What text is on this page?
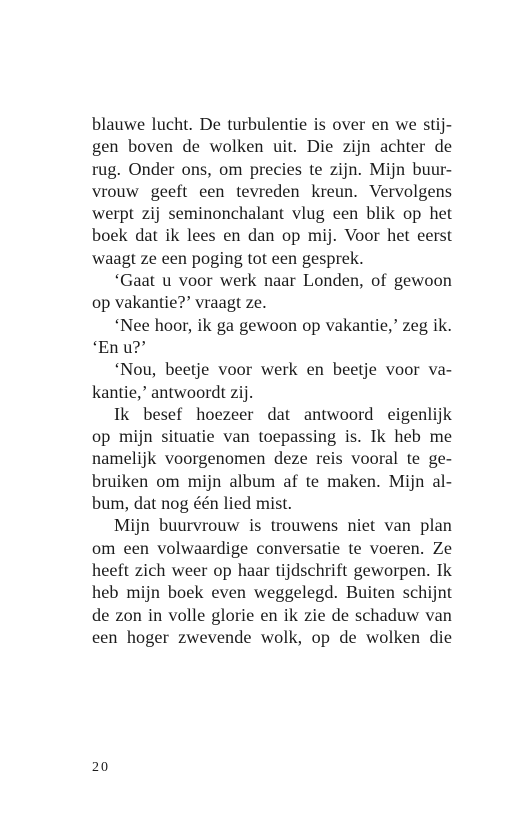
blauwe lucht. De turbulentie is over en we stij-
gen boven de wolken uit. Die zijn achter de
rug. Onder ons, om precies te zijn. Mijn buur-
vrouw geeft een tevreden kreun. Vervolgens
werpt zij seminonchalant vlug een blik op het
boek dat ik lees en dan op mij. Voor het eerst
waagt ze een poging tot een gesprek.
‘Gaat u voor werk naar Londen, of gewoon
op vakantie?’ vraagt ze.
‘Nee hoor, ik ga gewoon op vakantie,’ zeg ik.
‘En u?’
‘Nou, beetje voor werk en beetje voor va-
kantie,’ antwoordt zij.
Ik besef hoezeer dat antwoord eigenlijk
op mijn situatie van toepassing is. Ik heb me
namelijk voorgenomen deze reis vooral te ge-
bruiken om mijn album af te maken. Mijn al-
bum, dat nog één lied mist.
Mijn buurvrouw is trouwens niet van plan
om een volwaardige conversatie te voeren. Ze
heeft zich weer op haar tijdschrift geworpen. Ik
heb mijn boek even weggelegd. Buiten schijnt
de zon in volle glorie en ik zie de schaduw van
een hoger zwevende wolk, op de wolken die
20
